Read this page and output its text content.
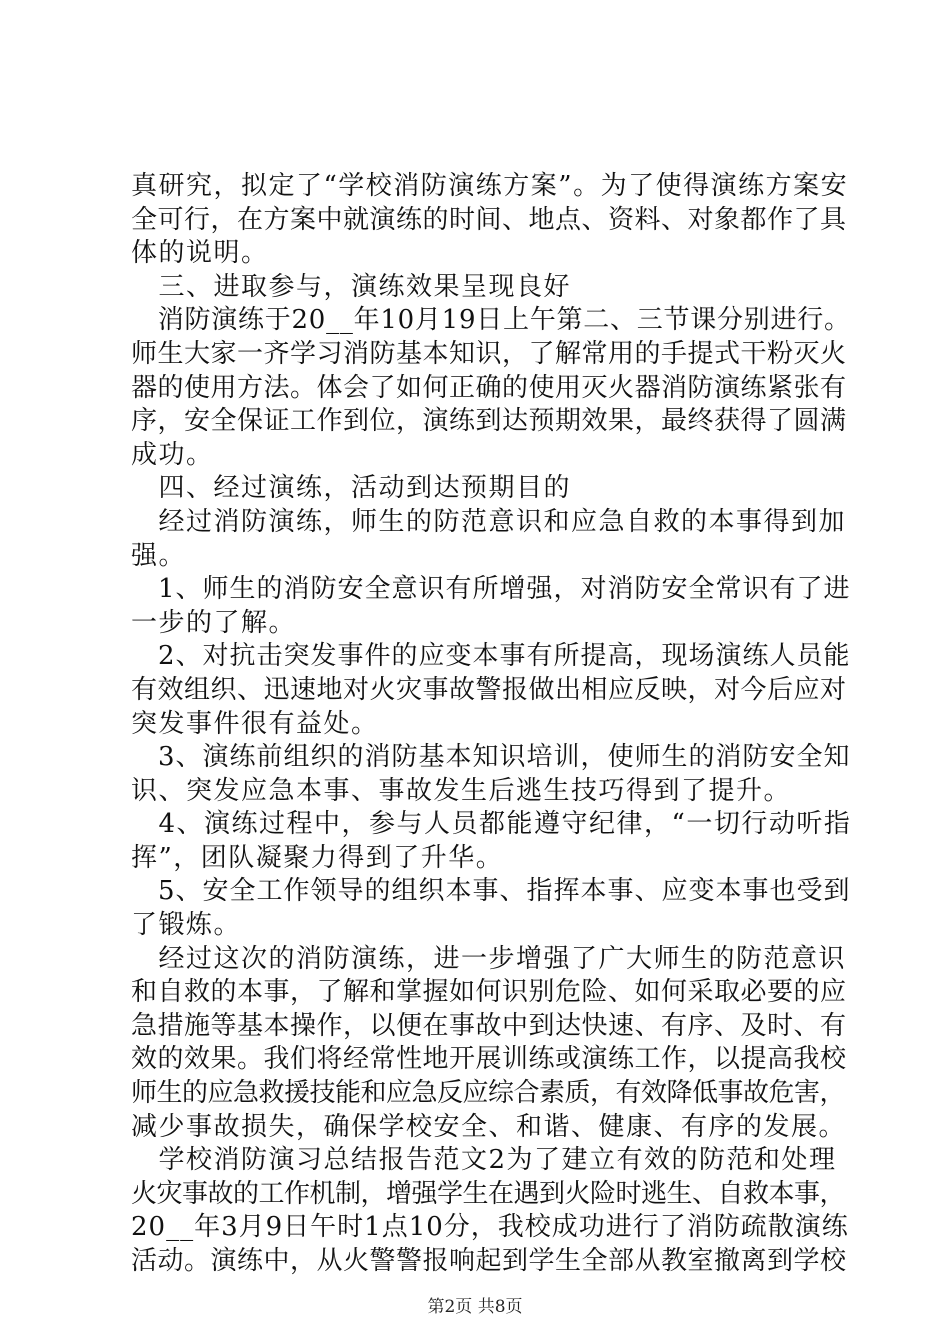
真研究，拟定了“学校消防演练方案”。为了使得演练方案安
全可行，在方案中就演练的时间、地点、资料、对象都作了具
体的说明。
　三、进取参与，演练效果呈现良好
　消防演练于20__年10月19日上午第二、三节课分别进行。
师生大家一齐学习消防基本知识，了解常用的手提式干粉灭火
器的使用方法。体会了如何正确的使用灭火器消防演练紧张有
序，安全保证工作到位，演练到达预期效果，最终获得了圆满
成功。
　四、经过演练，活动到达预期目的
　经过消防演练，师生的防范意识和应急自救的本事得到加
强。
　1、师生的消防安全意识有所增强，对消防安全常识有了进
一步的了解。
　2、对抗击突发事件的应变本事有所提高，现场演练人员能
有效组织、迅速地对火灾事故警报做出相应反映，对今后应对
突发事件很有益处。
　3、演练前组织的消防基本知识培训，使师生的消防安全知
识、突发应急本事、事故发生后逃生技巧得到了提升。
　4、演练过程中，参与人员都能遵守纪律，“一切行动听指
挥”，团队凝聚力得到了升华。
　5、安全工作领导的组织本事、指挥本事、应变本事也受到
了锻炼。
　经过这次的消防演练，进一步增强了广大师生的防范意识
和自救的本事，了解和掌握如何识别危险、如何采取必要的应
急措施等基本操作，以便在事故中到达快速、有序、及时、有
效的效果。我们将经常性地开展训练或演练工作，以提高我校
师生的应急救援技能和应急反应综合素质，有效降低事故危害，
减少事故损失，确保学校安全、和谐、健康、有序的发展。
　学校消防演习总结报告范文2为了建立有效的防范和处理
火灾事故的工作机制，增强学生在遇到火险时逃生、自救本事，
20__年3月9日午时1点10分，我校成功进行了消防疏散演练
活动。演练中，从火警警报响起到学生全部从教室撤离到学校
第2页 共8页
